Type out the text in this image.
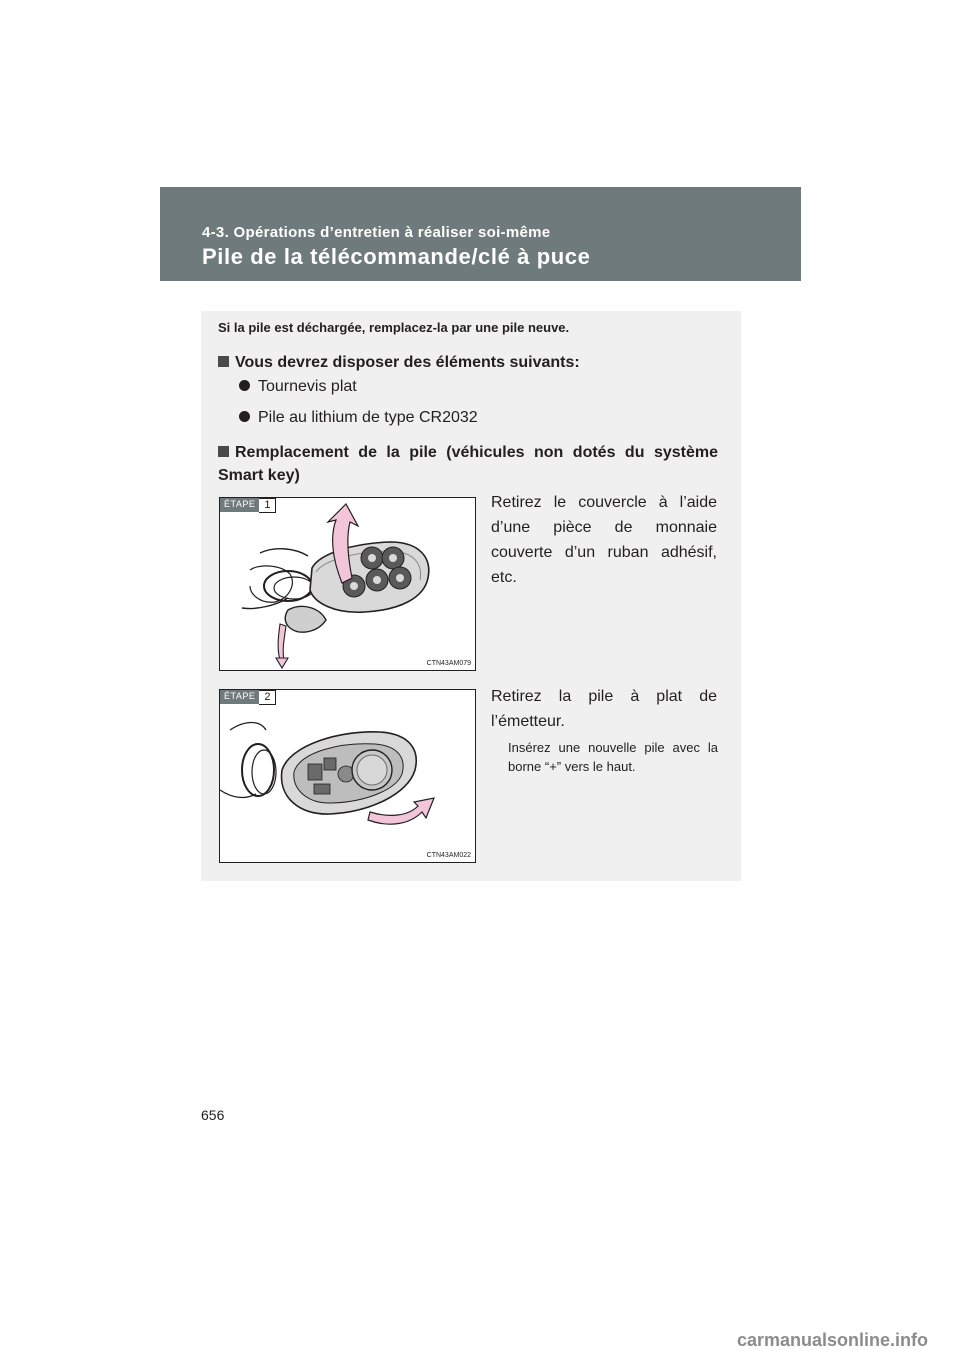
4-3. Opérations d’entretien à réaliser soi-même
Pile de la télécommande/clé à puce
Si la pile est déchargée, remplacez-la par une pile neuve.
Vous devrez disposer des éléments suivants:
Tournevis plat
Pile au lithium de type CR2032
Remplacement de la pile (véhicules non dotés du système Smart key)
ÉTAPE 1
CTN43AM079
Retirez le couvercle à l’aide d’une pièce de monnaie couverte d’un ruban adhésif, etc.
ÉTAPE 2
CTN43AM022
Retirez la pile à plat de l’émetteur.
Insérez une nouvelle pile avec la borne “+” vers le haut.
656
carmanualsonline.info
